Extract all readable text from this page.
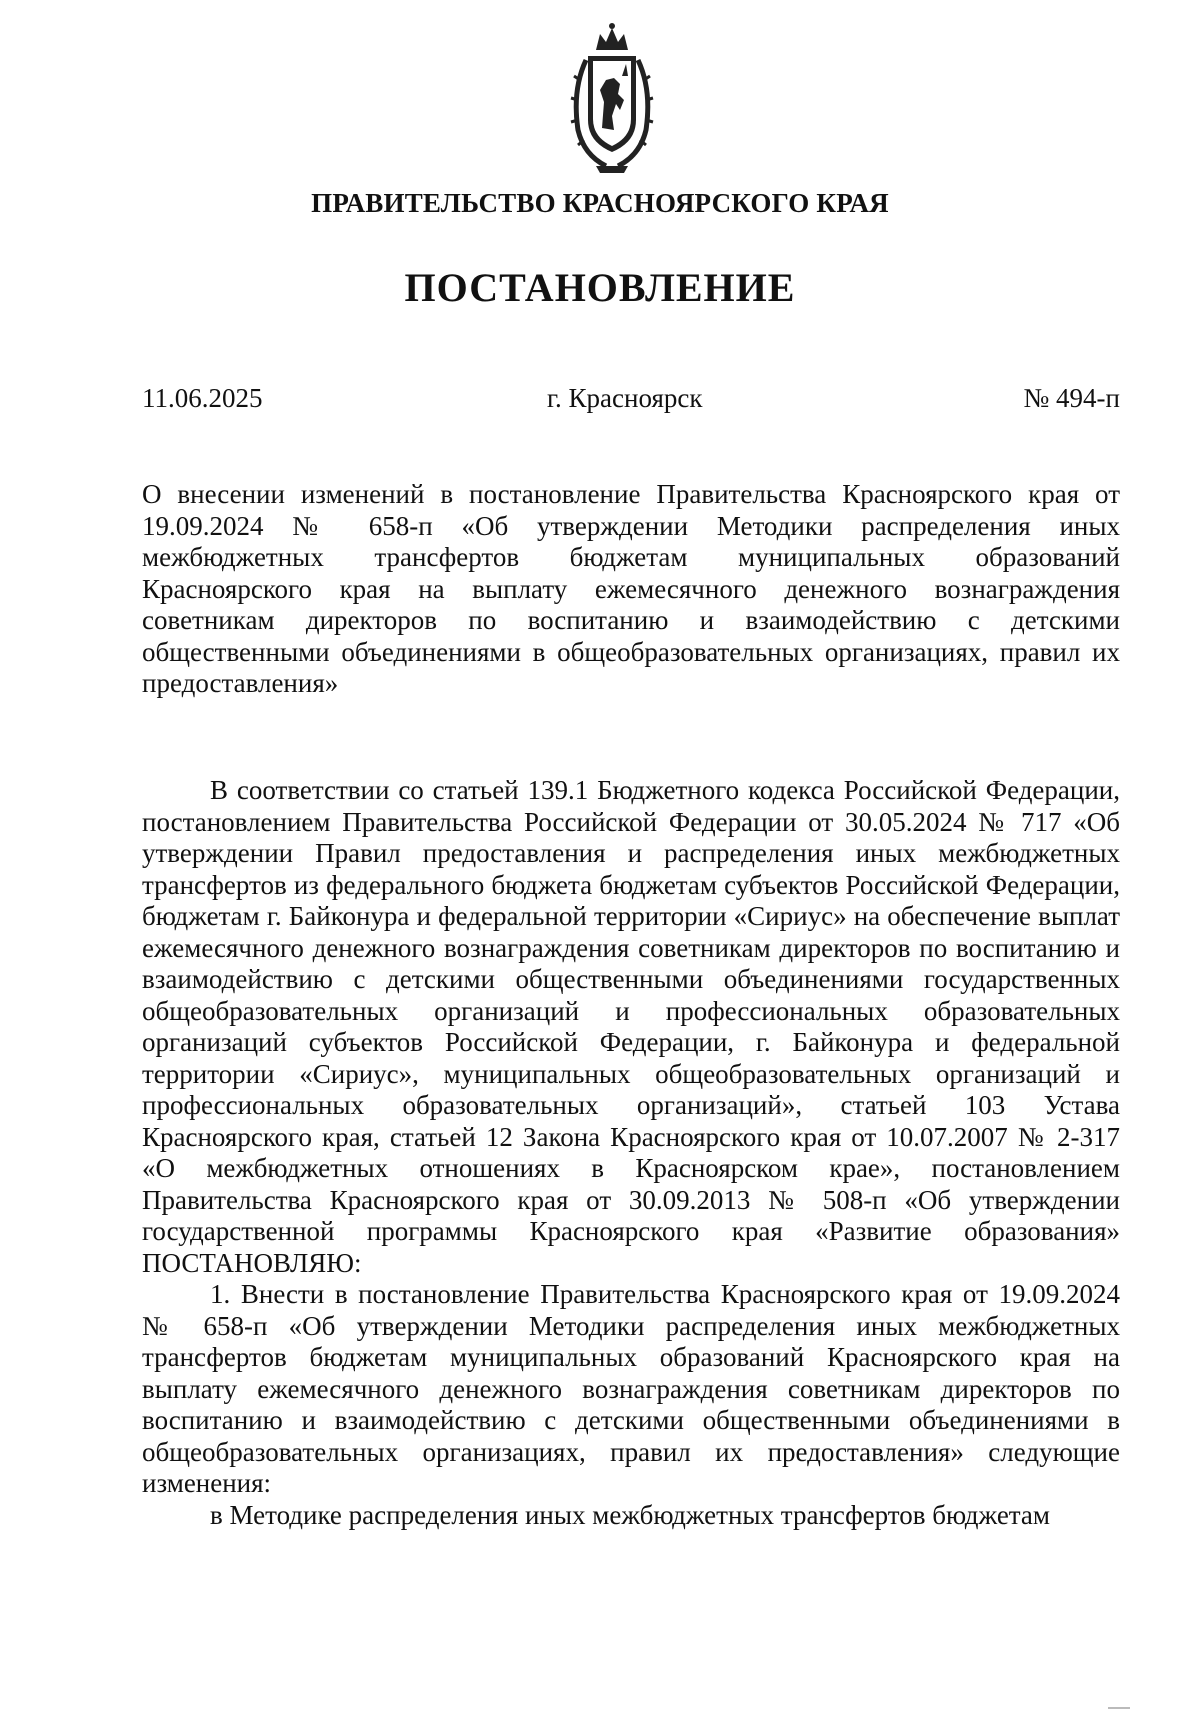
ПРАВИТЕЛЬСТВО КРАСНОЯРСКОГО КРАЯ
ПОСТАНОВЛЕНИЕ
11.06.2025	г. Красноярск	№ 494-п
О внесении изменений в постановление Правительства Красноярского края от 19.09.2024 № 658-п «Об утверждении Методики распределения иных межбюджетных трансфертов бюджетам муниципальных образований Красноярского края на выплату ежемесячного денежного вознаграждения советникам директоров по воспитанию и взаимодействию с детскими общественными объединениями в общеобразовательных организациях, правил их предоставления»

В соответствии со статьей 139.1 Бюджетного кодекса Российской Федерации, постановлением Правительства Российской Федерации от 30.05.2024 № 717 «Об утверждении Правил предоставления и распределения иных межбюджетных трансфертов из федерального бюджета бюджетам субъектов Российской Федерации, бюджетам г. Байконура и федеральной территории «Сириус» на обеспечение выплат ежемесячного денежного вознаграждения советникам директоров по воспитанию и взаимодействию с детскими общественными объединениями государственных общеобразовательных организаций и профессиональных образовательных организаций субъектов Российской Федерации, г. Байконура и федеральной территории «Сириус», муниципальных общеобразовательных организаций и профессиональных образовательных организаций», статьей 103 Устава Красноярского края, статьей 12 Закона Красноярского края от 10.07.2007 № 2-317 «О межбюджетных отношениях в Красноярском крае», постановлением Правительства Красноярского края от 30.09.2013 № 508-п «Об утверждении государственной программы Красноярского края «Развитие образования» ПОСТАНОВЛЯЮ:

1. Внести в постановление Правительства Красноярского края от 19.09.2024 № 658-п «Об утверждении Методики распределения иных межбюджетных трансфертов бюджетам муниципальных образований Красноярского края на выплату ежемесячного денежного вознаграждения советникам директоров по воспитанию и взаимодействию с детскими общественными объединениями в общеобразовательных организациях, правил их предоставления» следующие изменения:

в Методике распределения иных межбюджетных трансфертов бюджетам
